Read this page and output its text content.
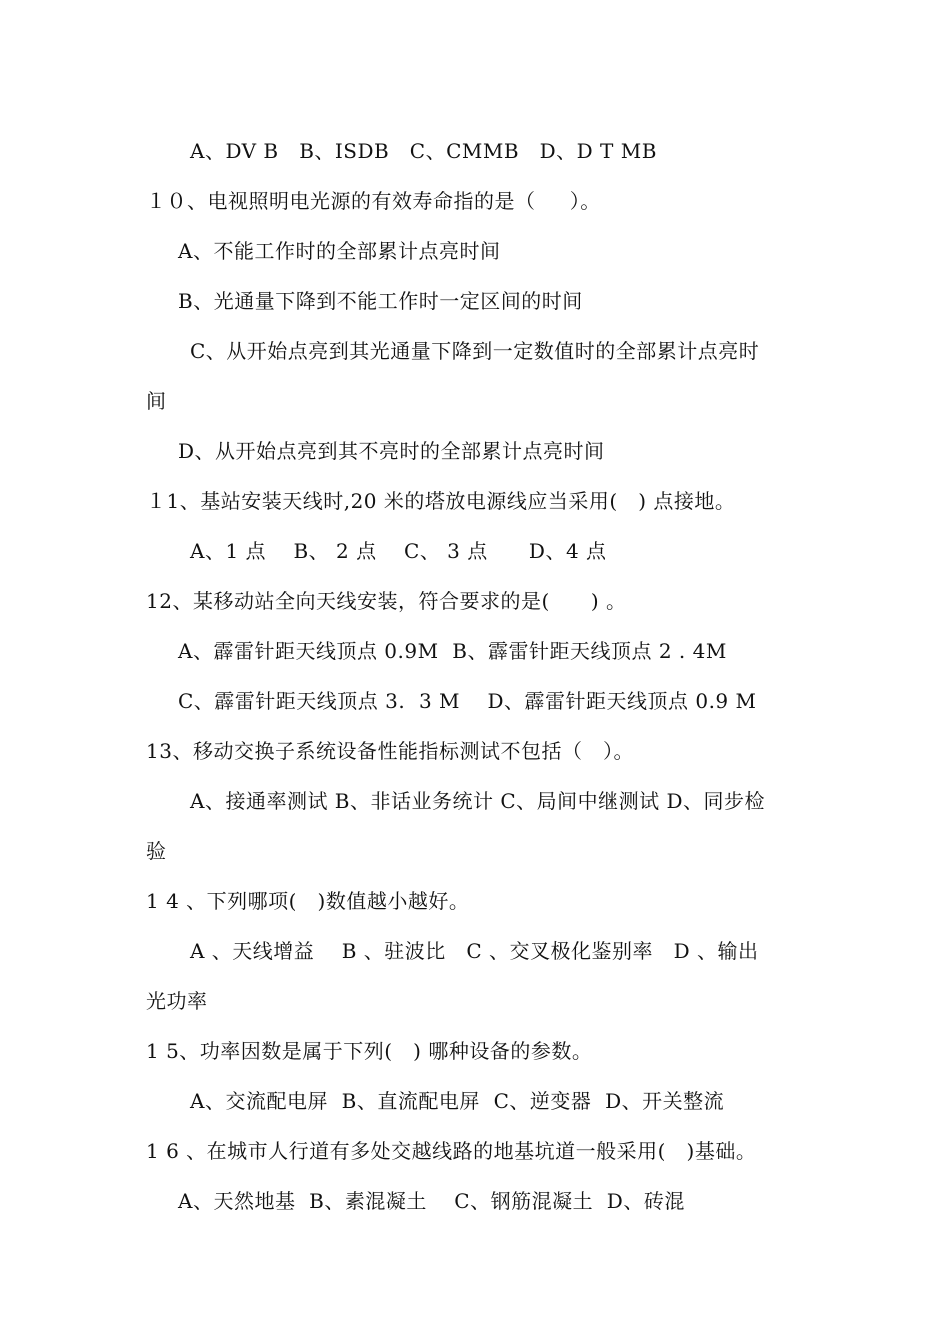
A、DV B   B、ISDB   C、CMMB   D、D T MB
１０、电视照明电光源的有效寿命指的是（     ）。
A、不能工作时的全部累计点亮时间
B、光通量下降到不能工作时一定区间的时间
C、从开始点亮到其光通量下降到一定数值时的全部累计点亮时
间
D、从开始点亮到其不亮时的全部累计点亮时间
１1、基站安装天线时,20 米的塔放电源线应当采用(   ) 点接地。
A、1 点    B、 2 点    C、 3 点      D、4 点
12、某移动站全向天线安装，符合要求的是(      ) 。
A、霹雷针距天线顶点 0.9M  B、霹雷针距天线顶点 2 . 4M
C、霹雷针距天线顶点 3.  3 M    D、霹雷针距天线顶点 0.9 M
13、移动交换子系统设备性能指标测试不包括（   ）。
A、接通率测试 B、非话业务统计 C、局间中继测试 D、同步检
验
1 4 、下列哪项(   )数值越小越好。
A 、天线增益    B 、驻波比   C 、交叉极化鉴别率   D 、输出
光功率
1 5、功率因数是属于下列(   ) 哪种设备的参数。
A、交流配电屏  B、直流配电屏  C、逆变器  D、开关整流
1 6 、在城市人行道有多处交越线路的地基坑道一般采用(   )基础。
A、天然地基  B、素混凝土    C、钢筋混凝土  D、砖混
